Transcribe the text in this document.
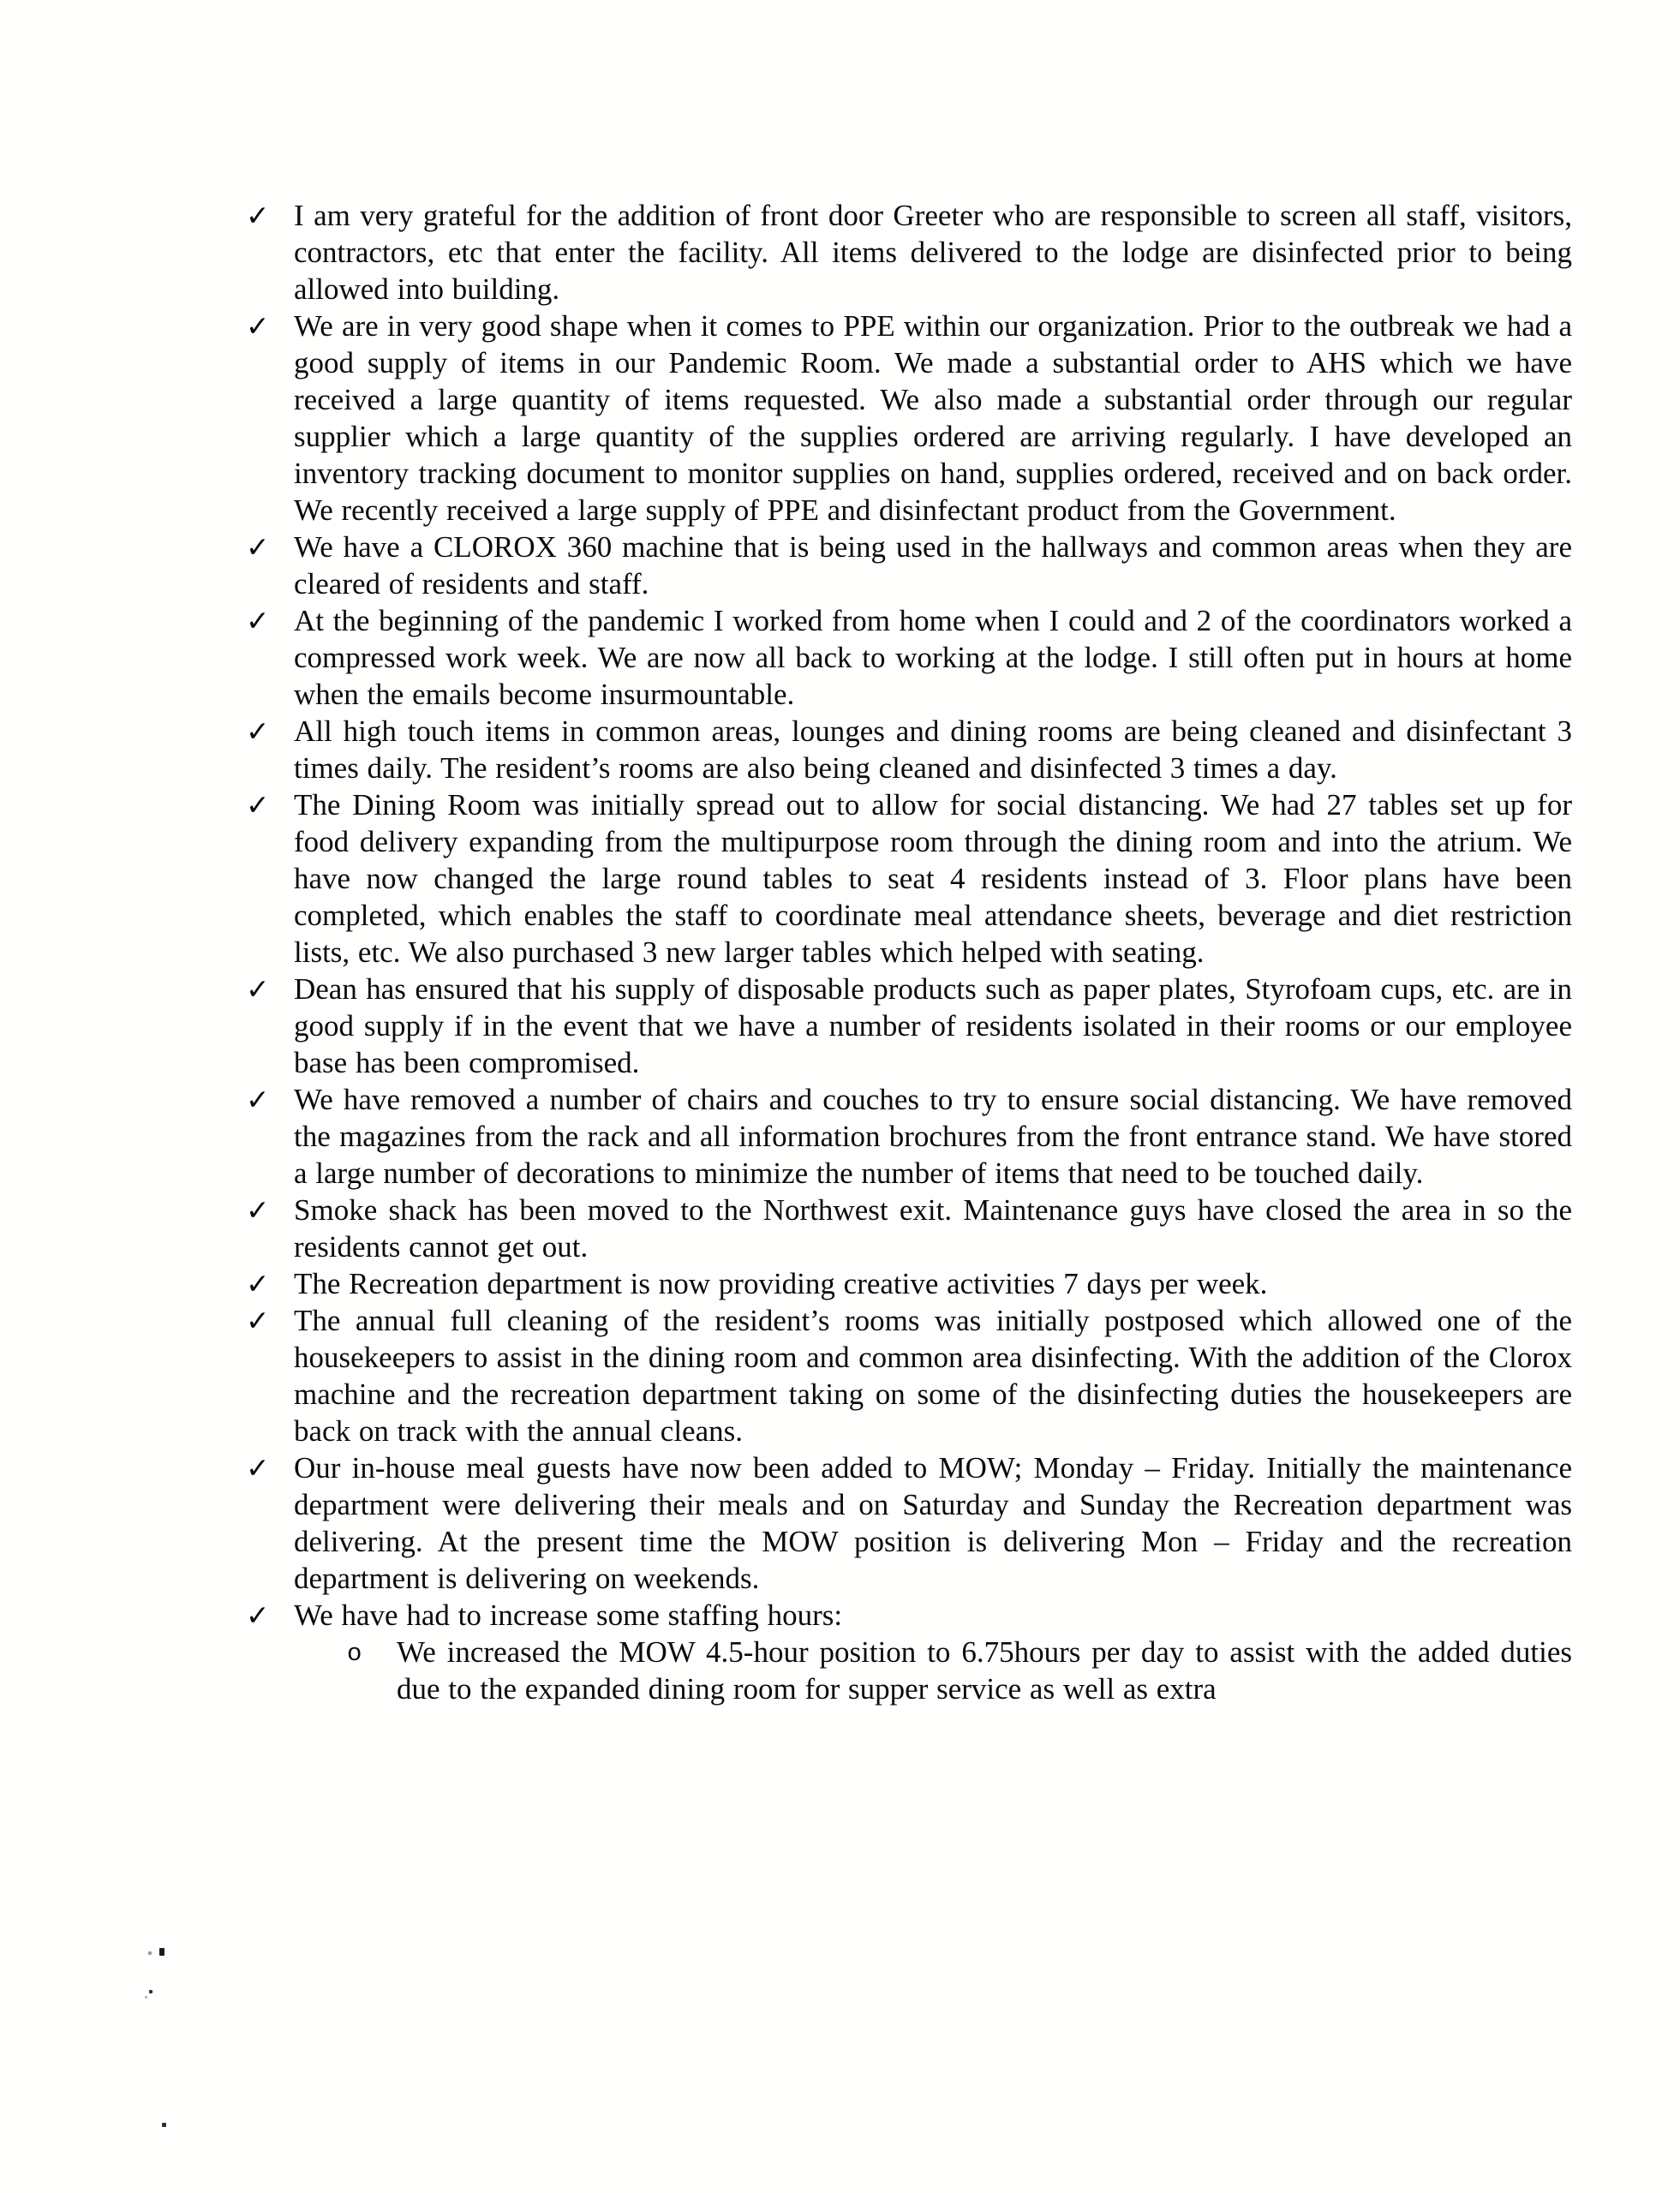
✓ I am very grateful for the addition of front door Greeter who are responsible to screen all staff, visitors, contractors, etc that enter the facility. All items delivered to the lodge are disinfected prior to being allowed into building.
✓ We are in very good shape when it comes to PPE within our organization. Prior to the outbreak we had a good supply of items in our Pandemic Room. We made a substantial order to AHS which we have received a large quantity of items requested. We also made a substantial order through our regular supplier which a large quantity of the supplies ordered are arriving regularly. I have developed an inventory tracking document to monitor supplies on hand, supplies ordered, received and on back order. We recently received a large supply of PPE and disinfectant product from the Government.
✓ We have a CLOROX 360 machine that is being used in the hallways and common areas when they are cleared of residents and staff.
✓ At the beginning of the pandemic I worked from home when I could and 2 of the coordinators worked a compressed work week. We are now all back to working at the lodge. I still often put in hours at home when the emails become insurmountable.
✓ All high touch items in common areas, lounges and dining rooms are being cleaned and disinfectant 3 times daily. The resident’s rooms are also being cleaned and disinfected 3 times a day.
✓ The Dining Room was initially spread out to allow for social distancing. We had 27 tables set up for food delivery expanding from the multipurpose room through the dining room and into the atrium. We have now changed the large round tables to seat 4 residents instead of 3. Floor plans have been completed, which enables the staff to coordinate meal attendance sheets, beverage and diet restriction lists, etc. We also purchased 3 new larger tables which helped with seating.
✓ Dean has ensured that his supply of disposable products such as paper plates, Styrofoam cups, etc. are in good supply if in the event that we have a number of residents isolated in their rooms or our employee base has been compromised.
✓ We have removed a number of chairs and couches to try to ensure social distancing. We have removed the magazines from the rack and all information brochures from the front entrance stand. We have stored a large number of decorations to minimize the number of items that need to be touched daily.
✓ Smoke shack has been moved to the Northwest exit. Maintenance guys have closed the area in so the residents cannot get out.
✓ The Recreation department is now providing creative activities 7 days per week.
✓ The annual full cleaning of the resident’s rooms was initially postposed which allowed one of the housekeepers to assist in the dining room and common area disinfecting. With the addition of the Clorox machine and the recreation department taking on some of the disinfecting duties the housekeepers are back on track with the annual cleans.
✓ Our in-house meal guests have now been added to MOW; Monday – Friday. Initially the maintenance department were delivering their meals and on Saturday and Sunday the Recreation department was delivering. At the present time the MOW position is delivering Mon – Friday and the recreation department is delivering on weekends.
✓ We have had to increase some staffing hours:
o	We increased the MOW 4.5-hour position to 6.75hours per day to assist with the added duties due to the expanded dining room for supper service as well as extra
